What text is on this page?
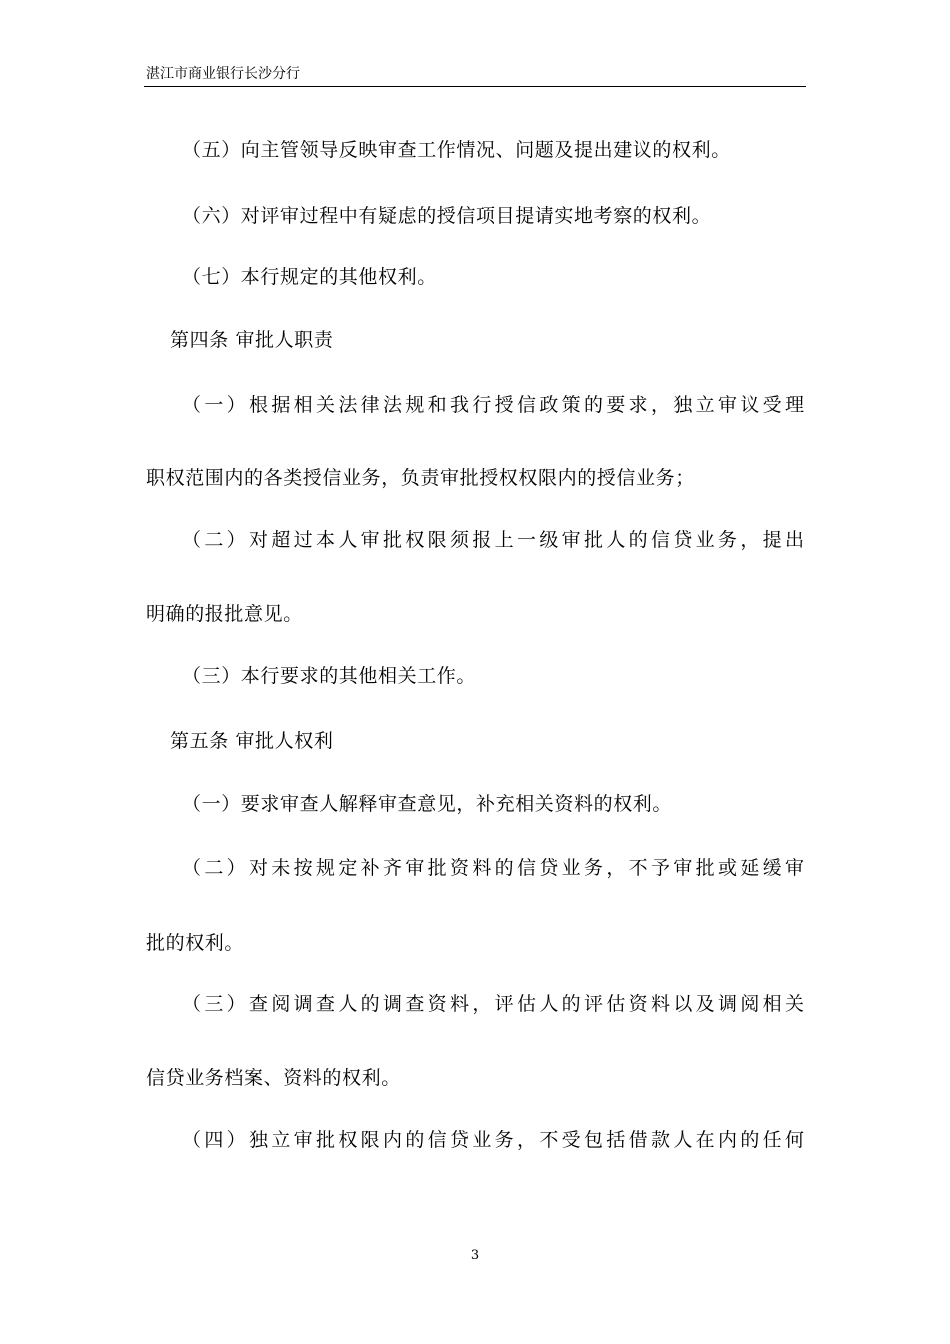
湛江市商业银行长沙分行
（五）向主管领导反映审查工作情况、问题及提出建议的权利。
（六）对评审过程中有疑虑的授信项目提请实地考察的权利。
（七）本行规定的其他权利。
第四条 审批人职责
（一）根据相关法律法规和我行授信政策的要求，独立审议受理
职权范围内的各类授信业务，负责审批授权权限内的授信业务；
（二）对超过本人审批权限须报上一级审批人的信贷业务，提出
明确的报批意见。
（三）本行要求的其他相关工作。
第五条 审批人权利
（一）要求审查人解释审查意见，补充相关资料的权利。
（二）对未按规定补齐审批资料的信贷业务，不予审批或延缓审
批的权利。
（三）查阅调查人的调查资料，评估人的评估资料以及调阅相关
信贷业务档案、资料的权利。
（四）独立审批权限内的信贷业务，不受包括借款人在内的任何
3
